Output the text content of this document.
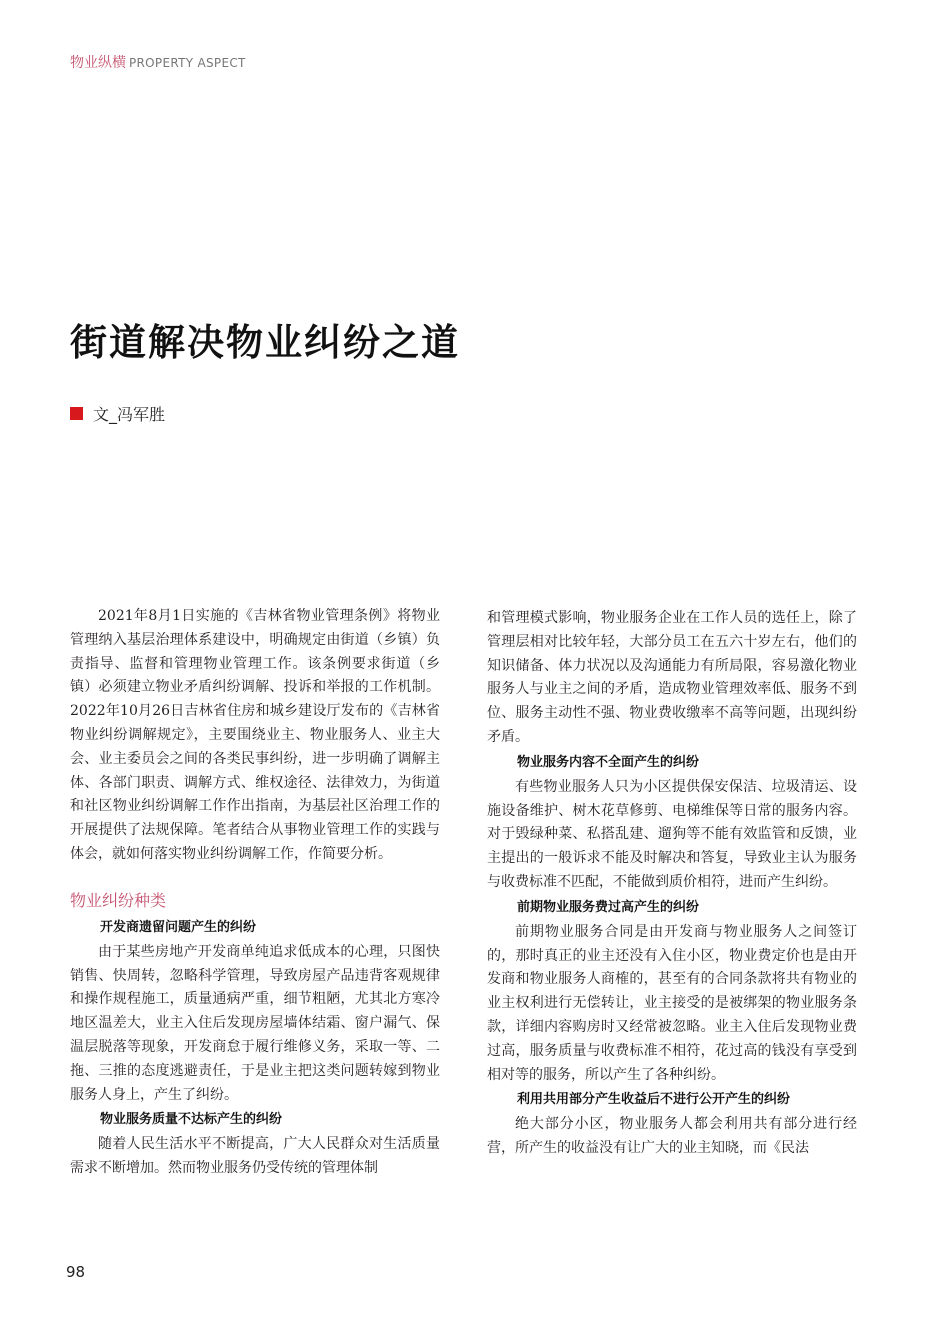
物业纵横 PROPERTY ASPECT
街道解决物业纠纷之道
文_冯军胜

2021年8月1日实施的《吉林省物业管理条例》将物业管理纳入基层治理体系建设中，明确规定由街道（乡镇）负责指导、监督和管理物业管理工作。该条例要求街道（乡镇）必须建立物业矛盾纠纷调解、投诉和举报的工作机制。2022年10月26日吉林省住房和城乡建设厅发布的《吉林省物业纠纷调解规定》，主要围绕业主、物业服务人、业主大会、业主委员会之间的各类民事纠纷，进一步明确了调解主体、各部门职责、调解方式、维权途径、法律效力，为街道和社区物业纠纷调解工作作出指南，为基层社区治理工作的开展提供了法规保障。笔者结合从事物业管理工作的实践与体会，就如何落实物业纠纷调解工作，作简要分析。

物业纠纷种类
开发商遗留问题产生的纠纷

由于某些房地产开发商单纯追求低成本的心理，只图快销售、快周转，忽略科学管理，导致房屋产品违背客观规律和操作规程施工，质量通病严重，细节粗陋，尤其北方寒冷地区温差大，业主入住后发现房屋墙体结霜、窗户漏气、保温层脱落等现象，开发商怠于履行维修义务，采取一等、二拖、三推的态度逃避责任，于是业主把这类问题转嫁到物业服务人身上，产生了纠纷。

物业服务质量不达标产生的纠纷

随着人民生活水平不断提高，广大人民群众对生活质量需求不断增加。然而物业服务仍受传统的管理体制

和管理模式影响，物业服务企业在工作人员的选任上，除了管理层相对比较年轻，大部分员工在五六十岁左右，他们的知识储备、体力状况以及沟通能力有所局限，容易激化物业服务人与业主之间的矛盾，造成物业管理效率低、服务不到位、服务主动性不强、物业费收缴率不高等问题，出现纠纷矛盾。

物业服务内容不全面产生的纠纷

有些物业服务人只为小区提供保安保洁、垃圾清运、设施设备维护、树木花草修剪、电梯维保等日常的服务内容。对于毁绿种菜、私搭乱建、遛狗等不能有效监管和反馈，业主提出的一般诉求不能及时解决和答复，导致业主认为服务与收费标准不匹配，不能做到质价相符，进而产生纠纷。

前期物业服务费过高产生的纠纷

前期物业服务合同是由开发商与物业服务人之间签订的，那时真正的业主还没有入住小区，物业费定价也是由开发商和物业服务人商榷的，甚至有的合同条款将共有物业的业主权利进行无偿转让，业主接受的是被绑架的物业服务条款，详细内容购房时又经常被忽略。业主入住后发现物业费过高，服务质量与收费标准不相符，花过高的钱没有享受到相对等的服务，所以产生了各种纠纷。

利用共用部分产生收益后不进行公开产生的纠纷

绝大部分小区，物业服务人都会利用共有部分进行经营，所产生的收益没有让广大的业主知晓，而《民法

98
